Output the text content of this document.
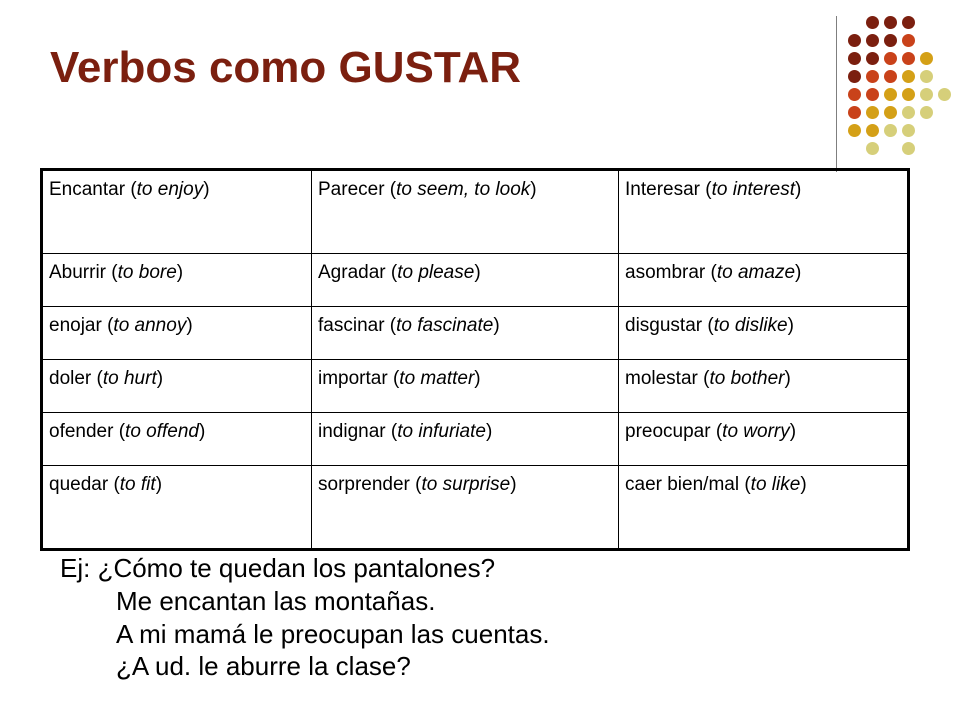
Verbos como GUSTAR
Encantar (to enjoy)	Parecer (to seem, to look)	Interesar (to interest)
Aburrir (to bore)	Agradar (to please)	asombrar (to amaze)
enojar (to annoy)	fascinar (to fascinate)	disgustar (to dislike)
doler (to hurt)	importar (to matter)	molestar (to bother)
ofender (to offend)	indignar (to infuriate)	preocupar (to worry)
quedar (to fit)	sorprender (to surprise)	caer bien/mal (to like)
Ej: ¿Cómo te quedan los pantalones?
Me encantan las montañas.
A mi mamá le preocupan las cuentas.
¿A ud. le aburre la clase?
